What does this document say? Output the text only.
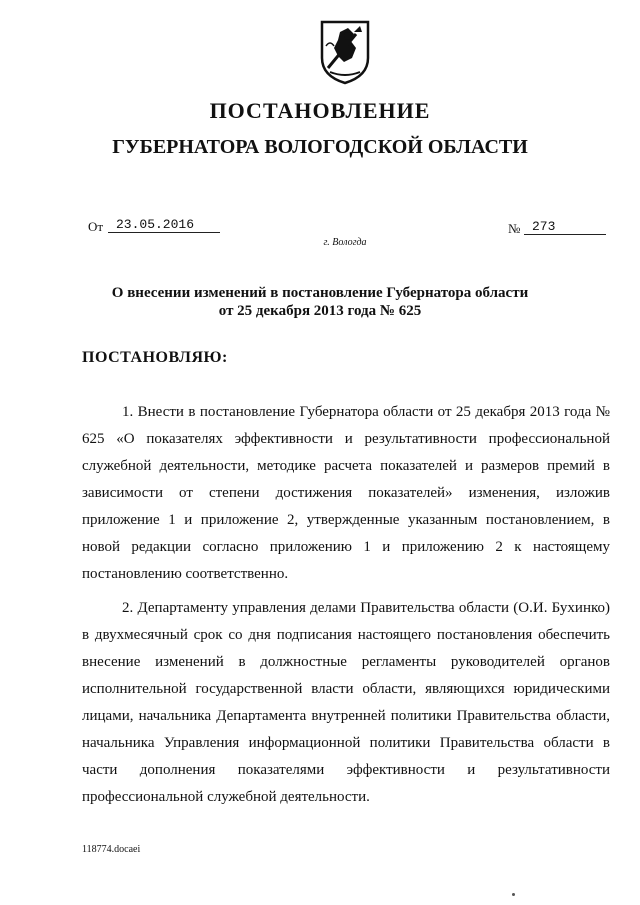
ПОСТАНОВЛЕНИЕ
ГУБЕРНАТОРА ВОЛОГОДСКОЙ ОБЛАСТИ
От 23.05.2016	№ 273
г. Вологда
О внесении изменений в постановление Губернатора области
от 25 декабря 2013 года № 625
ПОСТАНОВЛЯЮ:

1. Внести в постановление Губернатора области от 25 декабря 2013 года № 625 «О показателях эффективности и результативности профессиональной служебной деятельности, методике расчета показателей и размеров премий в зависимости от степени достижения показателей» изменения, изложив приложение 1 и приложение 2, утвержденные указанным постановлением, в новой редакции согласно приложению 1 и приложению 2 к настоящему постановлению соответственно.

2. Департаменту управления делами Правительства области (О.И. Бухинко) в двухмесячный срок со дня подписания настоящего постановления обеспечить внесение изменений в должностные регламенты руководителей органов исполнительной государственной власти области, являющихся юридическими лицами, начальника Департамента внутренней политики Правительства области, начальника Управления информационной политики Правительства области в части дополнения показателями эффективности и результативности профессиональной служебной деятельности.

118774.docaei
